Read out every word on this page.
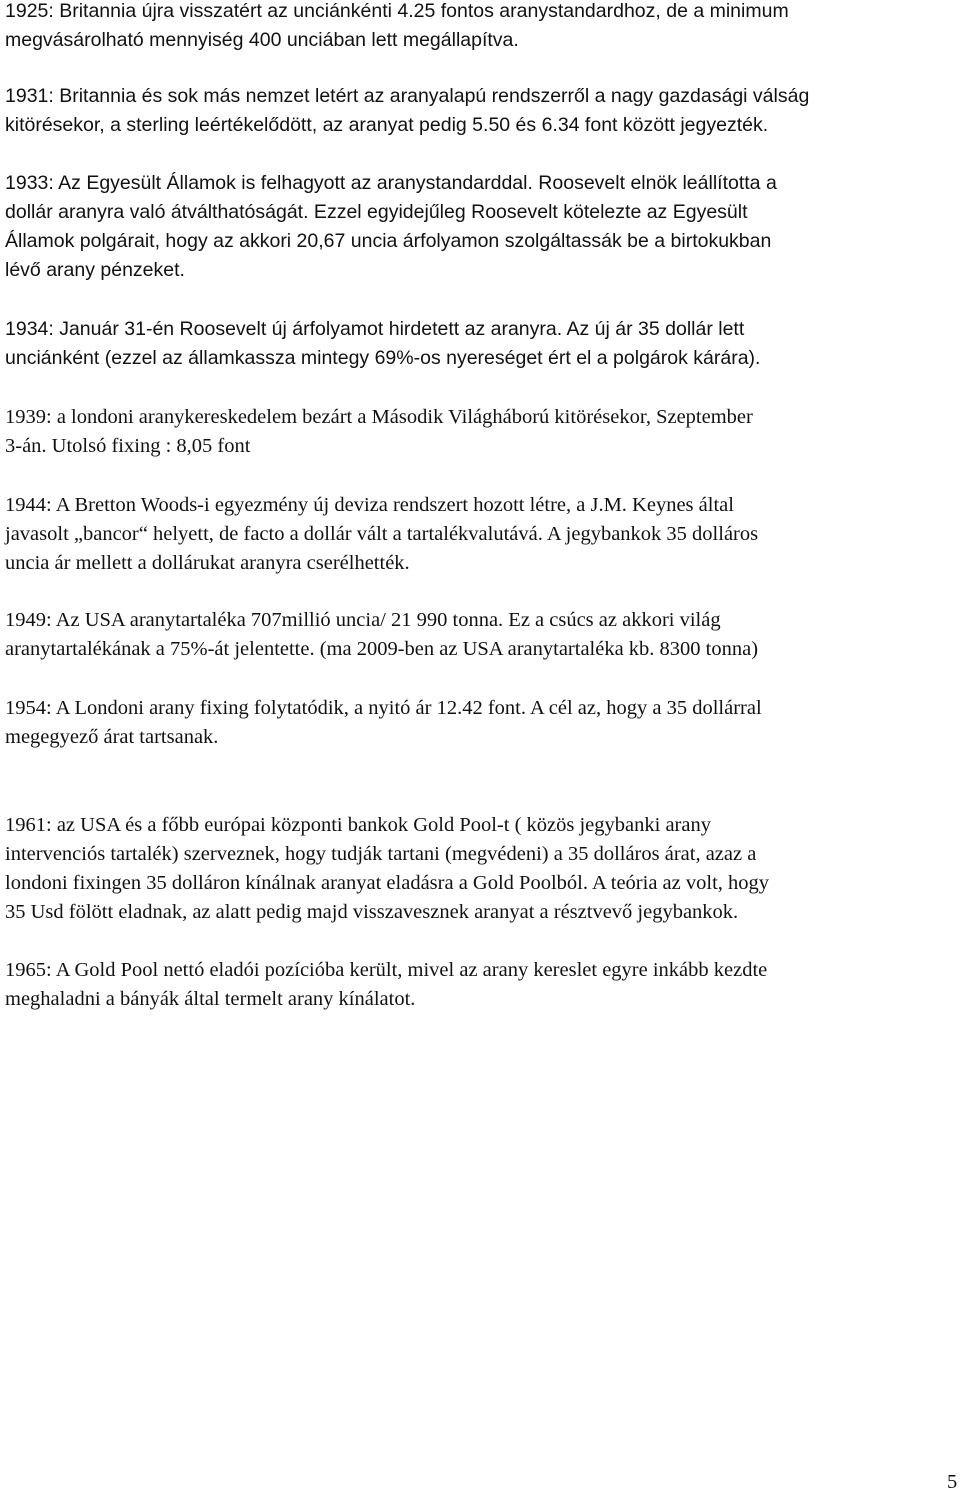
1925: Britannia újra visszatért az unciánkénti 4.25 fontos aranystandardhoz, de a minimum
megvásárolható mennyiség 400 unciában lett megállapítva.
1931: Britannia és sok más nemzet letért az aranyalapú rendszerről a nagy gazdasági válság
kitörésekor, a sterling leértékelődött, az aranyat pedig 5.50 és 6.34 font között jegyezték.
1933: Az Egyesült Államok is felhagyott az aranystandarddal. Roosevelt elnök leállította a
dollár aranyra való átválthatóságát. Ezzel egyidejűleg Roosevelt kötelezte az Egyesült
Államok polgárait, hogy az akkori 20,67 uncia árfolyamon szolgáltassák be a birtokukban
lévő arany pénzeket.
1934: Január 31-én Roosevelt új árfolyamot hirdetett az aranyra. Az új ár 35 dollár lett
unciánként (ezzel az államkassza mintegy 69%-os nyereséget ért el a polgárok kárára).
1939: a londoni aranykereskedelem bezárt a Második Világháború kitörésekor, Szeptember
3-án. Utolsó fixing : 8,05 font
1944: A Bretton Woods-i egyezmény új deviza rendszert hozott létre, a J.M. Keynes által
javasolt „bancor“ helyett, de facto a dollár vált a tartalékvalutává. A jegybankok 35 dolláros
uncia ár mellett a dollárukat aranyra cserélhették.
1949: Az USA aranytartaléka 707millió uncia/ 21 990 tonna. Ez a csúcs az akkori világ
aranytartalékának a 75%-át jelentette. (ma 2009-ben az USA aranytartaléka kb. 8300 tonna)
1954: A Londoni arany fixing folytatódik, a nyitó ár 12.42 font. A cél az, hogy a 35 dollárral
megegyező árat tartsanak.
1961: az USA és a főbb európai központi bankok Gold Pool-t ( közös jegybanki arany
intervenciós tartalék) szerveznek, hogy tudják tartani (megvédeni) a 35 dolláros árat, azaz a
londoni fixingen 35 dolláron kínálnak aranyat eladásra a Gold Poolból. A teória az volt, hogy
35 Usd fölött eladnak, az alatt pedig majd visszavesznek aranyat a résztvevő jegybankok.
1965: A Gold Pool nettó eladói pozícióba került, mivel az arany kereslet egyre inkább kezdte
meghaladni a bányák által termelt arany kínálatot.
5
